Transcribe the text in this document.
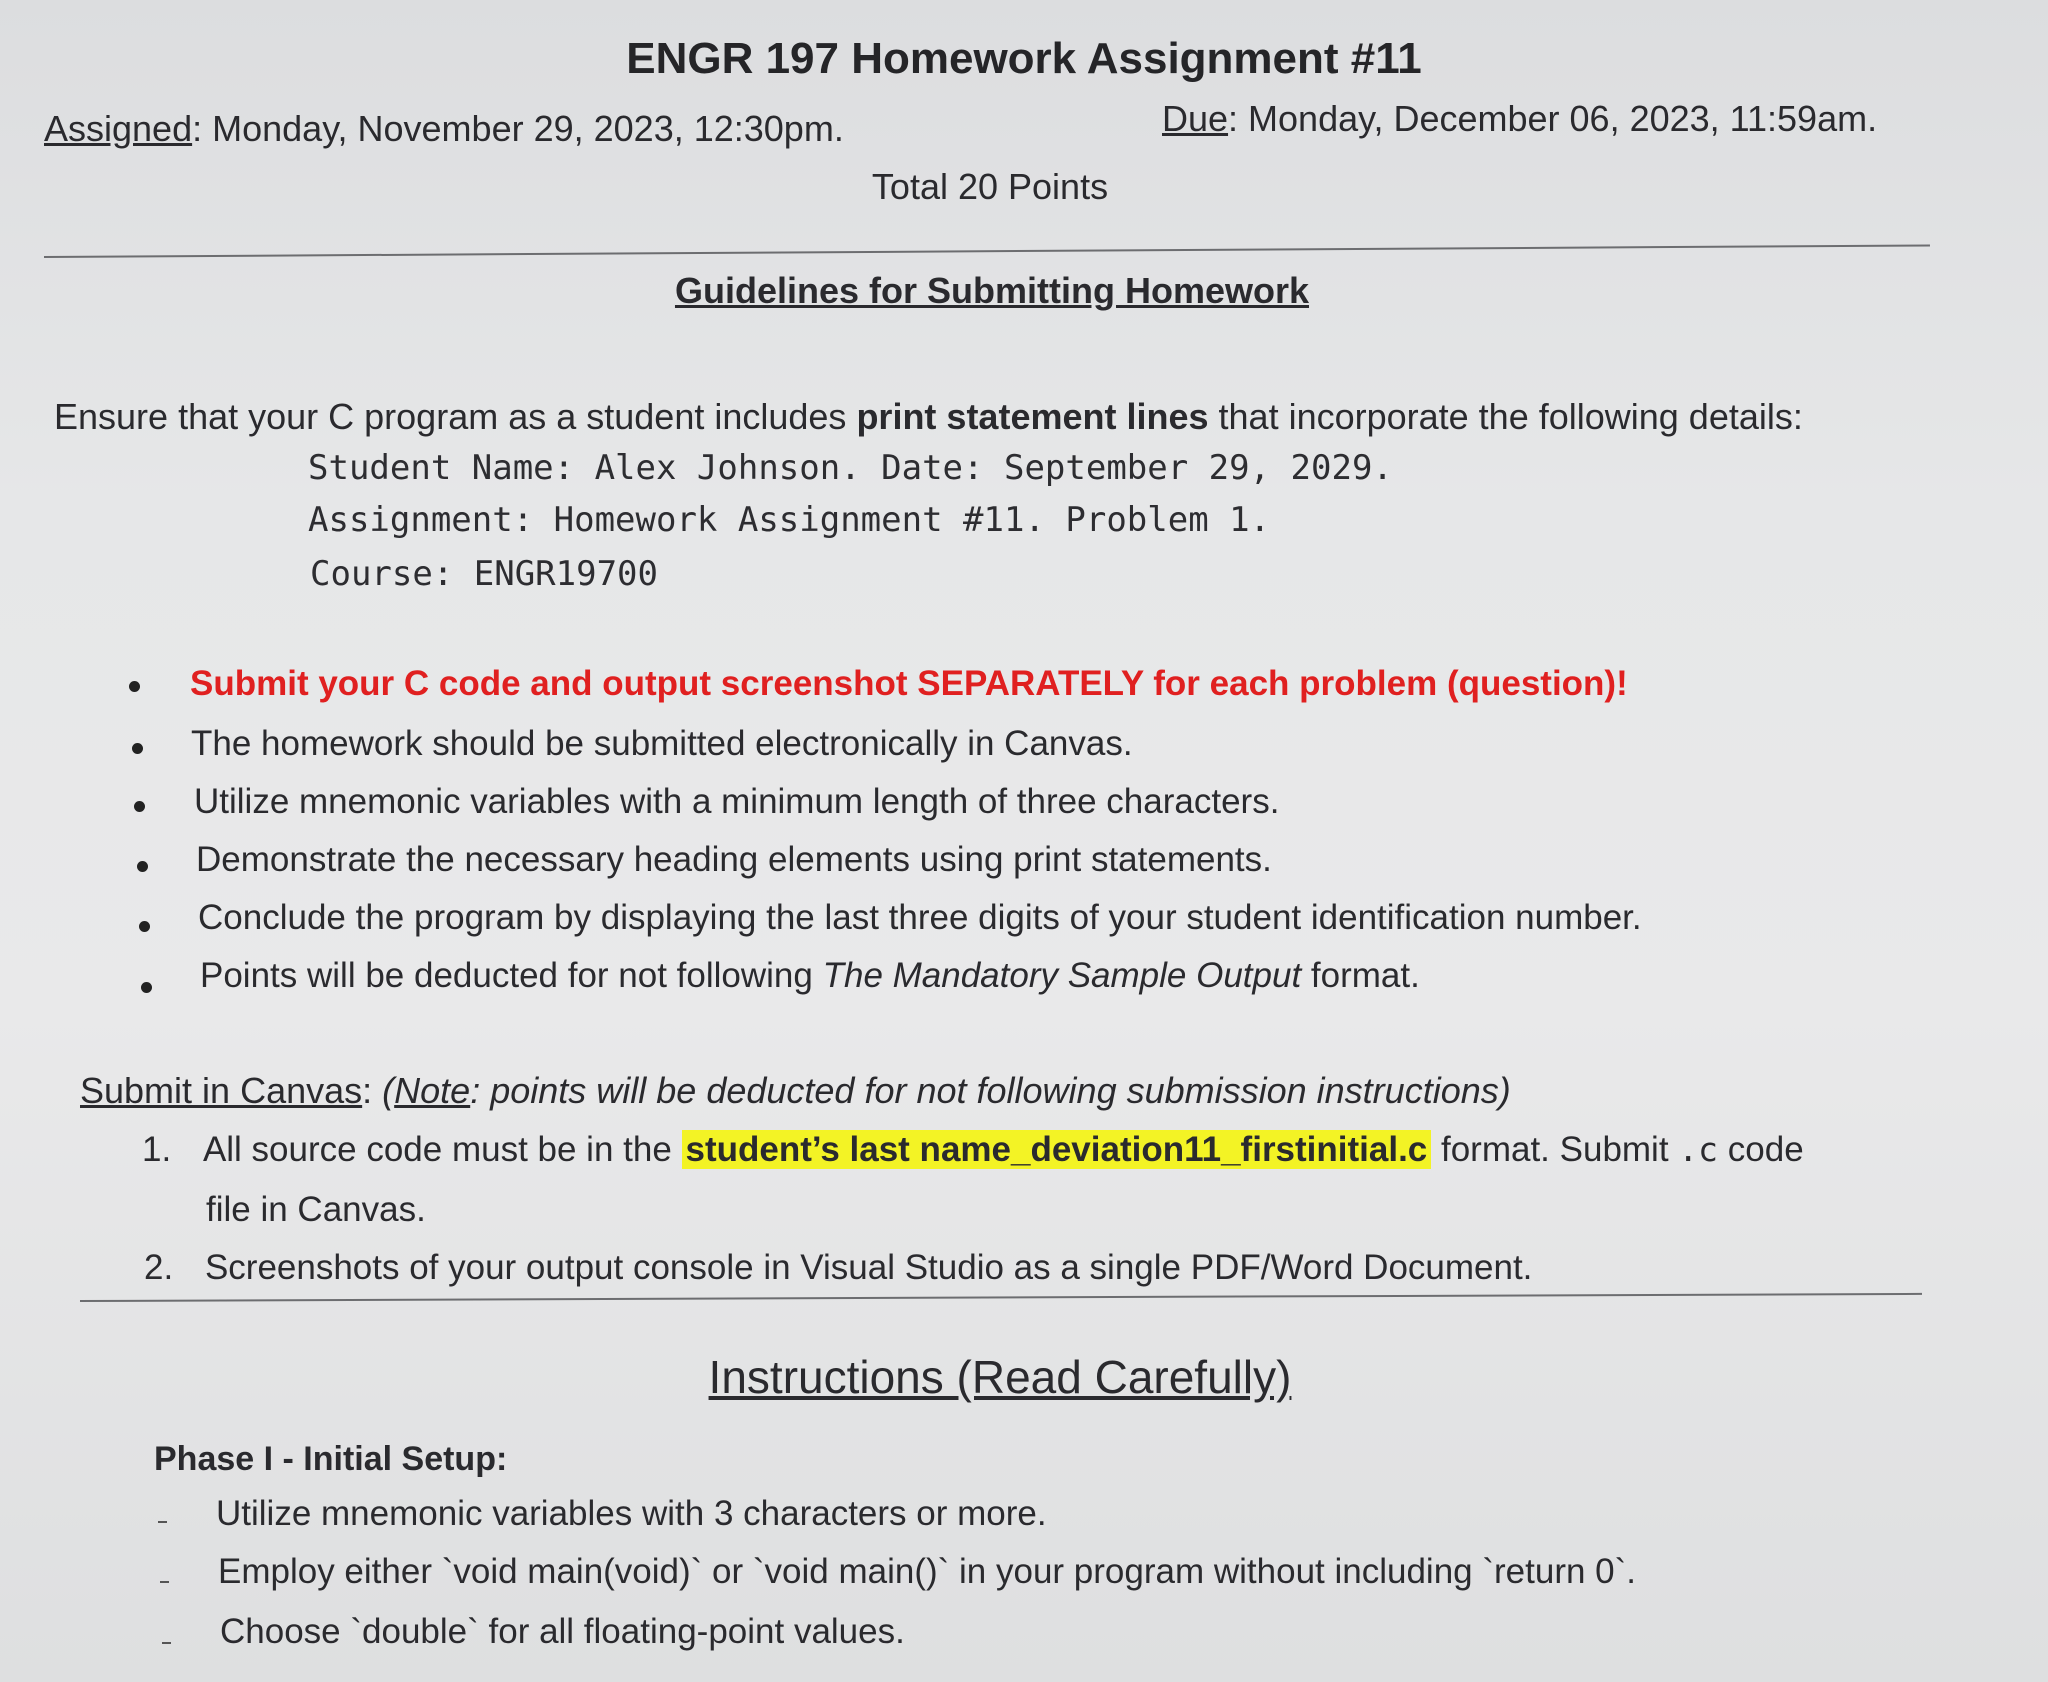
ENGR 197 Homework Assignment #11
Assigned: Monday, November 29, 2023, 12:30pm.	Due: Monday, December 06, 2023, 11:59am.
Total 20 Points
Guidelines for Submitting Homework
Ensure that your C program as a student includes print statement lines that incorporate the following details:
Student Name: Alex Johnson. Date: September 29, 2029.
Assignment: Homework Assignment #11. Problem 1.
Course: ENGR19700
Submit your C code and output screenshot SEPARATELY for each problem (question)!
The homework should be submitted electronically in Canvas.
Utilize mnemonic variables with a minimum length of three characters.
Demonstrate the necessary heading elements using print statements.
Conclude the program by displaying the last three digits of your student identification number.
Points will be deducted for not following The Mandatory Sample Output format.
Submit in Canvas: (Note: points will be deducted for not following submission instructions)
1. All source code must be in the student’s last name_deviation11_firstinitial.c format. Submit .c code
file in Canvas.
2. Screenshots of your output console in Visual Studio as a single PDF/Word Document.
Instructions (Read Carefully)
Phase I - Initial Setup:
Utilize mnemonic variables with 3 characters or more.
Employ either `void main(void)` or `void main()` in your program without including `return 0`.
Choose `double` for all floating-point values.
